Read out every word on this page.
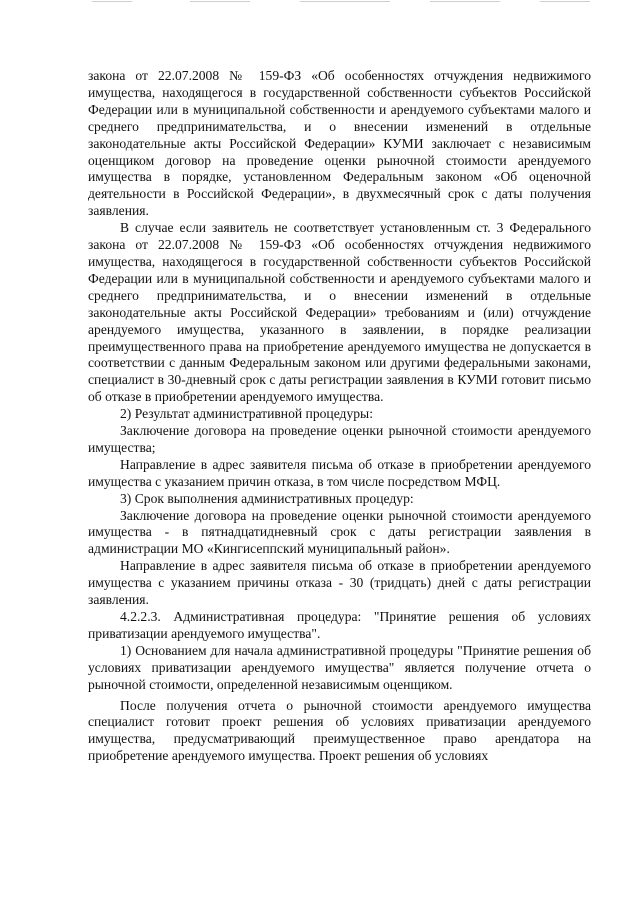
закона от 22.07.2008 № 159-ФЗ «Об особенностях отчуждения недвижимого имущества, находящегося в государственной собственности субъектов Российской Федерации или в муниципальной собственности и арендуемого субъектами малого и среднего предпринимательства, и о внесении изменений в отдельные законодательные акты Российской Федерации» КУМИ заключает с независимым оценщиком договор на проведение оценки рыночной стоимости арендуемого имущества в порядке, установленном Федеральным законом «Об оценочной деятельности в Российской Федерации», в двухмесячный срок с даты получения заявления.

В случае если заявитель не соответствует установленным ст. 3 Федерального закона от 22.07.2008 № 159-ФЗ «Об особенностях отчуждения недвижимого имущества, находящегося в государственной собственности субъектов Российской Федерации или в муниципальной собственности и арендуемого субъектами малого и среднего предпринимательства, и о внесении изменений в отдельные законодательные акты Российской Федерации» требованиям и (или) отчуждение арендуемого имущества, указанного в заявлении, в порядке реализации преимущественного права на приобретение арендуемого имущества не допускается в соответствии с данным Федеральным законом или другими федеральными законами, специалист в 30-дневный срок с даты регистрации заявления в КУМИ готовит письмо об отказе в приобретении арендуемого имущества.

2) Результат административной процедуры:

Заключение договора на проведение оценки рыночной стоимости арендуемого имущества;

Направление в адрес заявителя письма об отказе в приобретении арендуемого имущества с указанием причин отказа, в том числе посредством МФЦ.

3) Срок выполнения административных процедур:

Заключение договора на проведение оценки рыночной стоимости арендуемого имущества - в пятнадцатидневный срок с даты регистрации заявления в администрации МО «Кингисеппский муниципальный район».

Направление в адрес заявителя письма об отказе в приобретении арендуемого имущества с указанием причины отказа - 30 (тридцать) дней с даты регистрации заявления.

4.2.2.3. Административная процедура: "Принятие решения об условиях приватизации арендуемого имущества".

1) Основанием для начала административной процедуры "Принятие решения об условиях приватизации арендуемого имущества" является получение отчета о рыночной стоимости, определенной независимым оценщиком.

После получения отчета о рыночной стоимости арендуемого имущества специалист готовит проект решения об условиях приватизации арендуемого имущества, предусматривающий преимущественное право арендатора на приобретение арендуемого имущества. Проект решения об условиях
